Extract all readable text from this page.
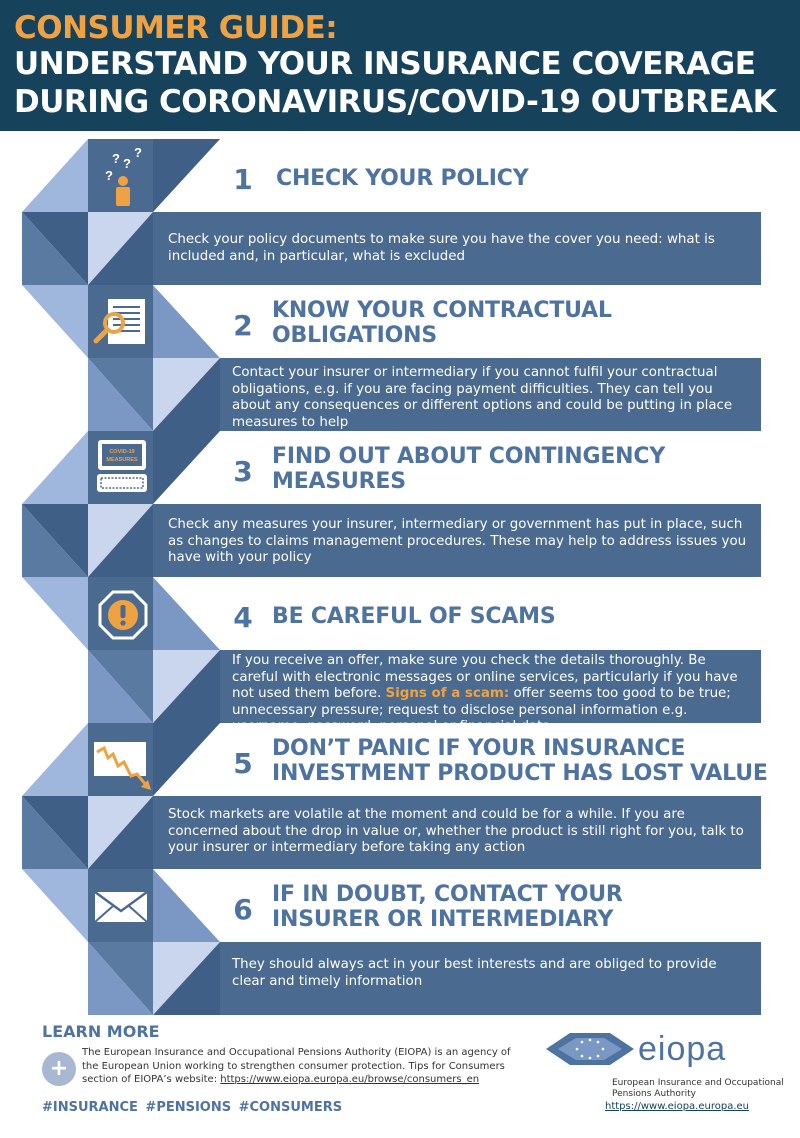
CONSUMER GUIDE:
UNDERSTAND YOUR INSURANCE COVERAGE
DURING CORONAVIRUS/COVID-19 OUTBREAK
? ?
?
?
COVID-19
MEASURES
1 CHECK YOUR POLICY
Check your policy documents to make sure you have the cover you need: what is included and, in particular, what is excluded
2 KNOW YOUR CONTRACTUAL
OBLIGATIONS
Contact your insurer or intermediary if you cannot fulfil your contractual obligations, e.g. if you are facing payment difficulties. They can tell you about any consequences or different options and could be putting in place measures to help
3 FIND OUT ABOUT CONTINGENCY
MEASURES
Check any measures your insurer, intermediary or government has put in place, such as changes to claims management procedures. These may help to address issues you have with your policy
4 BE CAREFUL OF SCAMS
If you receive an offer, make sure you check the details thoroughly. Be careful with electronic messages or online services, particularly if you have not used them before. Signs of a scam: offer seems too good to be true; unnecessary pressure; request to disclose personal information e.g. username, password, personal or financial data
5 DON’T PANIC IF YOUR INSURANCE
INVESTMENT PRODUCT HAS LOST VALUE
Stock markets are volatile at the moment and could be for a while. If you are concerned about the drop in value or, whether the product is still right for you, talk to your insurer or intermediary before taking any action
6 IF IN DOUBT, CONTACT YOUR
INSURER OR INTERMEDIARY
They should always act in your best interests and are obliged to provide clear and timely information
LEARN MORE
+
The European Insurance and Occupational Pensions Authority (EIOPA) is an agency of the European Union working to strengthen consumer protection. Tips for Consumers section of EIOPA’s website: https://www.eiopa.europa.eu/browse/consumers_en
#INSURANCE #PENSIONS #CONSUMERS
eiopa
European Insurance and Occupational Pensions Authority
https://www.eiopa.europa.eu
